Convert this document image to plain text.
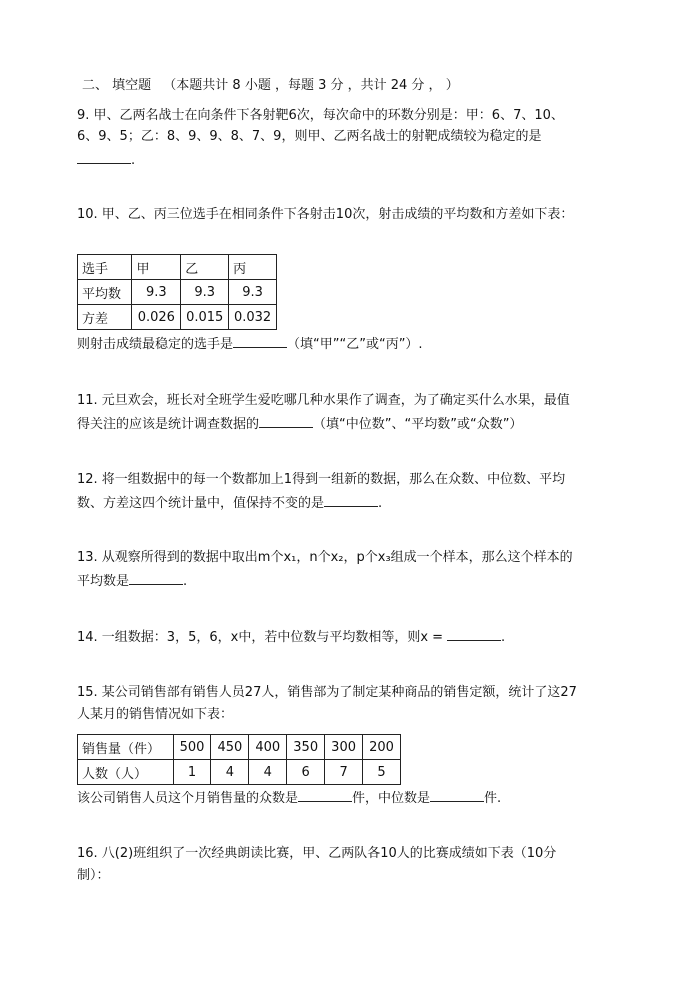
二、 填空题 （本题共计 8 小题 ，每题 3 分 ，共计 24 分 ， ）
9. 甲、乙两名战士在向条件下各射靶6次，每次命中的环数分别是：甲：6、7、10、
6、9、5；乙：8、9、9、8、7、9，则甲、乙两名战士的射靶成绩较为稳定的是
.
10. 甲、乙、丙三位选手在相同条件下各射击10次，射击成绩的平均数和方差如下表：
选手	甲	乙	丙
平均数	9.3	9.3	9.3
方差	0.026	0.015	0.032
则射击成绩最稳定的选手是	（填“甲”“乙”或“丙”）.
11. 元旦欢会，班长对全班学生爱吃哪几种水果作了调查，为了确定买什么水果，最值
得关注的应该是统计调查数据的	（填“中位数”、“平均数”或“众数”）
12. 将一组数据中的每一个数都加上1得到一组新的数据，那么在众数、中位数、平均
数、方差这四个统计量中，值保持不变的是	.
13. 从观察所得到的数据中取出m个x₁，n个x₂，p个x₃组成一个样本，那么这个样本的
平均数是	.
14. 一组数据：3，5，6，x中，若中位数与平均数相等，则x =	.
15. 某公司销售部有销售人员27人，销售部为了制定某种商品的销售定额，统计了这27
人某月的销售情况如下表：
销售量（件）	500	450	400	350	300	200
人数（人）	1	4	4	6	7	5
该公司销售人员这个月销售量的众数是	件，中位数是	件.
16. 八(2)班组织了一次经典朗读比赛，甲、乙两队各10人的比赛成绩如下表（10分
制）：
